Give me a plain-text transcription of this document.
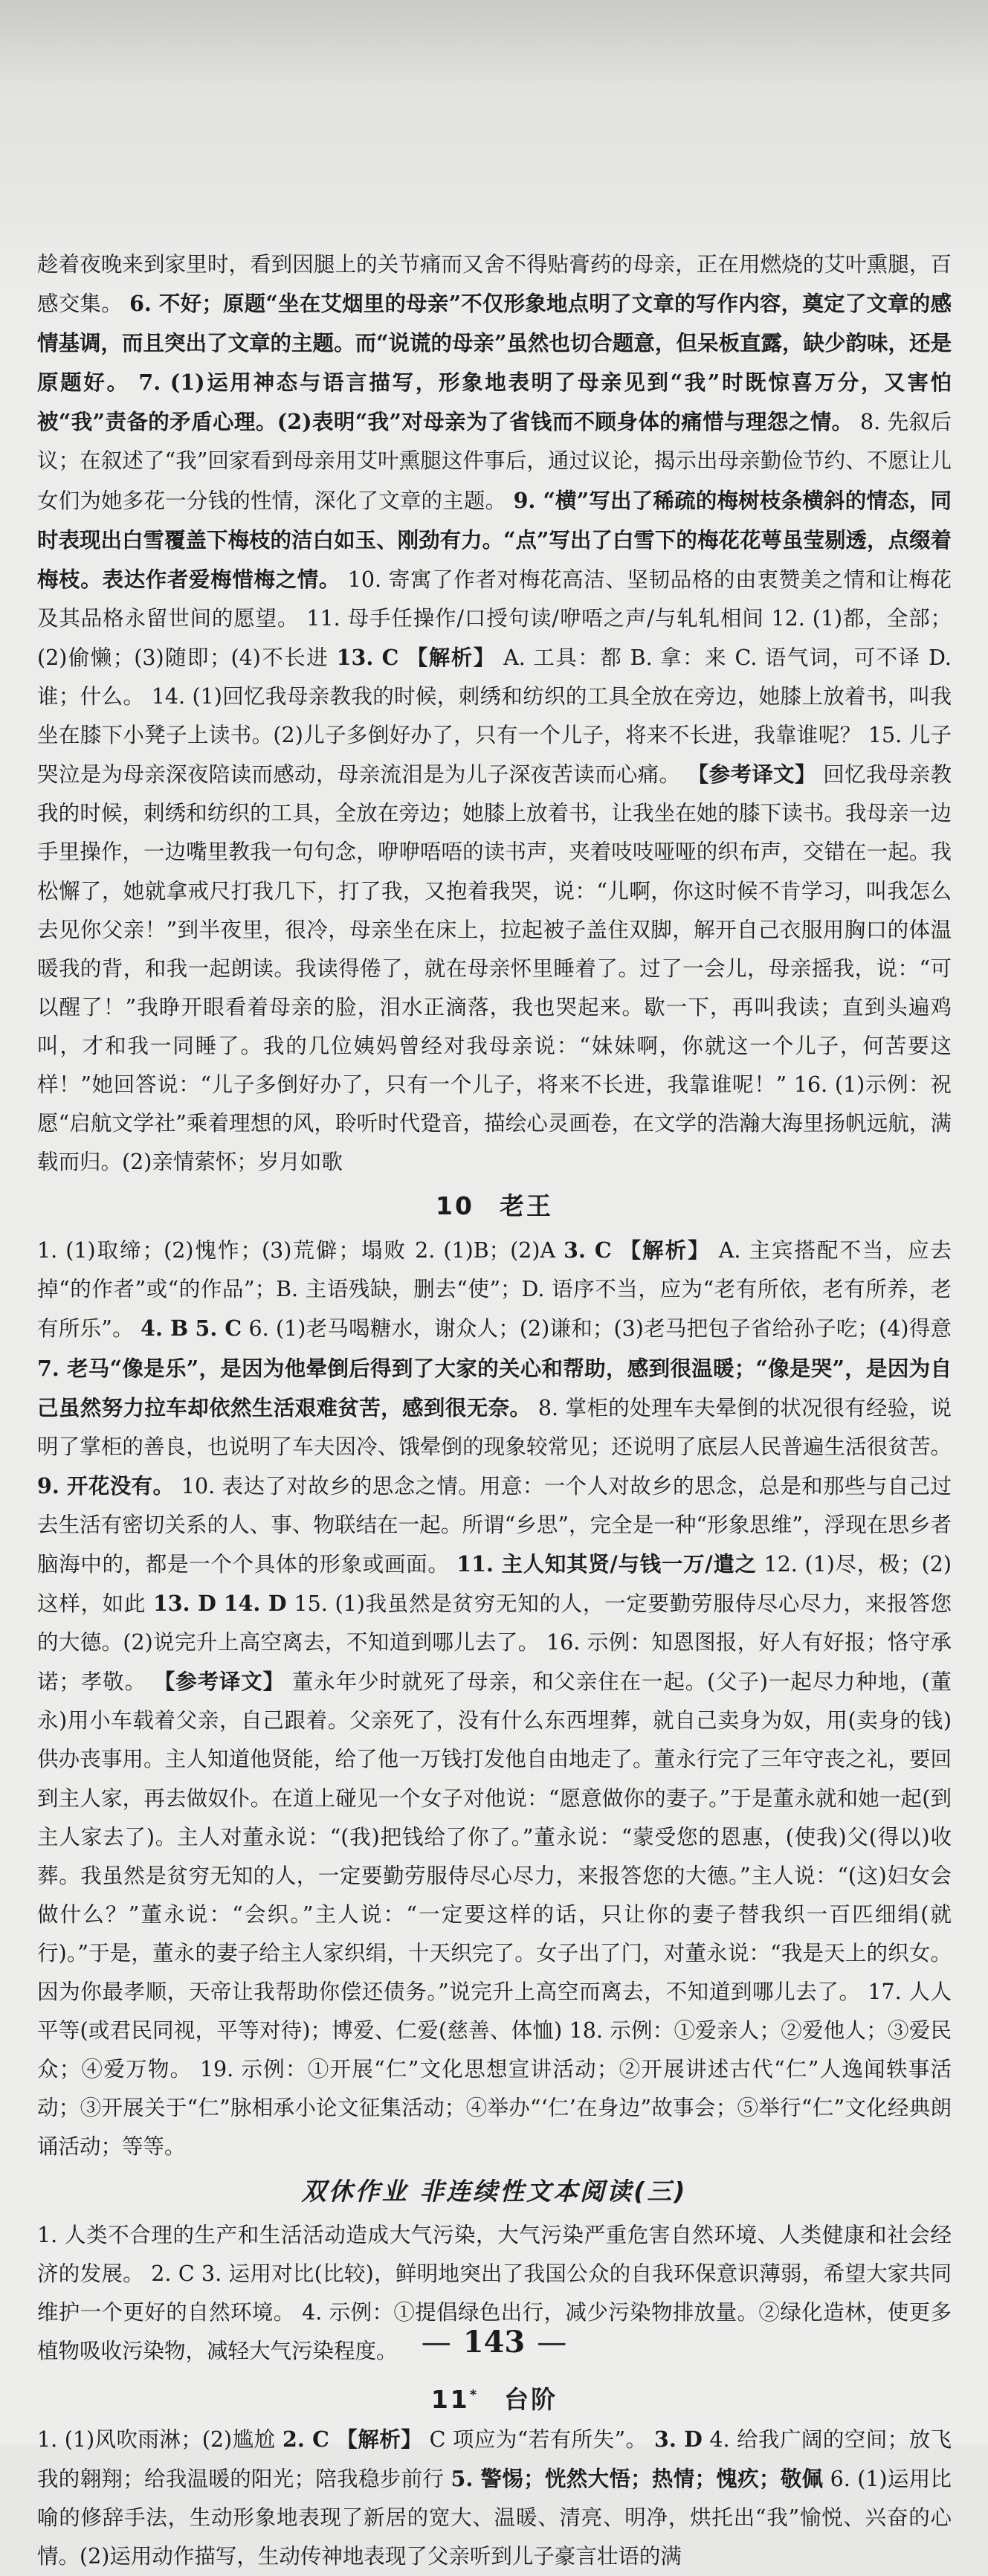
趁着夜晚来到家里时，看到因腿上的关节痛而又舍不得贴膏药的母亲，正在用燃烧的艾叶熏腿，百感交集。 6. 不好；原题“坐在艾烟里的母亲”不仅形象地点明了文章的写作内容，奠定了文章的感情基调，而且突出了文章的主题。而“说谎的母亲”虽然也切合题意，但呆板直露，缺少韵味，还是原题好。 7. (1)运用神态与语言描写，形象地表明了母亲见到“我”时既惊喜万分，又害怕被“我”责备的矛盾心理。(2)表明“我”对母亲为了省钱而不顾身体的痛惜与理怨之情。 8. 先叙后议；在叙述了“我”回家看到母亲用艾叶熏腿这件事后，通过议论，揭示出母亲勤俭节约、不愿让儿女们为她多花一分钱的性情，深化了文章的主题。 9. “横”写出了稀疏的梅树枝条横斜的情态，同时表现出白雪覆盖下梅枝的洁白如玉、刚劲有力。“点”写出了白雪下的梅花花萼虽莹剔透，点缀着梅枝。表达作者爱梅惜梅之情。 10. 寄寓了作者对梅花高洁、坚韧品格的由衷赞美之情和让梅花及其品格永留世间的愿望。 11. 母手任操作/口授句读/咿唔之声/与轧轧相间 12. (1)都，全部；(2)偷懒；(3)随即；(4)不长进 13. C 【解析】 A. 工具：都 B. 拿：来 C. 语气词，可不译 D. 谁；什么。 14. (1)回忆我母亲教我的时候，刺绣和纺织的工具全放在旁边，她膝上放着书，叫我坐在膝下小凳子上读书。(2)儿子多倒好办了，只有一个儿子，将来不长进，我靠谁呢？ 15. 儿子哭泣是为母亲深夜陪读而感动，母亲流泪是为儿子深夜苦读而心痛。 【参考译文】 回忆我母亲教我的时候，刺绣和纺织的工具，全放在旁边；她膝上放着书，让我坐在她的膝下读书。我母亲一边手里操作，一边嘴里教我一句句念，咿咿唔唔的读书声，夹着吱吱哑哑的织布声，交错在一起。我松懈了，她就拿戒尺打我几下，打了我，又抱着我哭，说：“儿啊，你这时候不肯学习，叫我怎么去见你父亲！”到半夜里，很冷，母亲坐在床上，拉起被子盖住双脚，解开自己衣服用胸口的体温暖我的背，和我一起朗读。我读得倦了，就在母亲怀里睡着了。过了一会儿，母亲摇我，说：“可以醒了！”我睁开眼看着母亲的脸，泪水正滴落，我也哭起来。歇一下，再叫我读；直到头遍鸡叫，才和我一同睡了。我的几位姨妈曾经对我母亲说：“妹妹啊，你就这一个儿子，何苦要这样！”她回答说：“儿子多倒好办了，只有一个儿子，将来不长进，我靠谁呢！” 16. (1)示例：祝愿“启航文学社”乘着理想的风，聆听时代跫音，描绘心灵画卷，在文学的浩瀚大海里扬帆远航，满载而归。(2)亲情萦怀；岁月如歌

10 老王

1. (1)取缔；(2)愧怍；(3)荒僻；塌败 2. (1)B；(2)A 3. C 【解析】 A. 主宾搭配不当，应去掉“的作者”或“的作品”；B. 主语残缺，删去“使”；D. 语序不当，应为“老有所依，老有所养，老有所乐”。 4. B 5. C 6. (1)老马喝糖水，谢众人；(2)谦和；(3)老马把包子省给孙子吃；(4)得意 7. 老马“像是乐”，是因为他晕倒后得到了大家的关心和帮助，感到很温暖；“像是哭”，是因为自己虽然努力拉车却依然生活艰难贫苦，感到很无奈。 8. 掌柜的处理车夫晕倒的状况很有经验，说明了掌柜的善良，也说明了车夫因冷、饿晕倒的现象较常见；还说明了底层人民普遍生活很贫苦。 9. 开花没有。 10. 表达了对故乡的思念之情。用意：一个人对故乡的思念，总是和那些与自己过去生活有密切关系的人、事、物联结在一起。所谓“乡思”，完全是一种“形象思维”，浮现在思乡者脑海中的，都是一个个具体的形象或画面。 11. 主人知其贤/与钱一万/遣之 12. (1)尽，极；(2)这样，如此 13. D 14. D 15. (1)我虽然是贫穷无知的人，一定要勤劳服侍尽心尽力，来报答您的大德。(2)说完升上高空离去，不知道到哪儿去了。 16. 示例：知恩图报，好人有好报；恪守承诺；孝敬。 【参考译文】 董永年少时就死了母亲，和父亲住在一起。(父子)一起尽力种地，(董永)用小车载着父亲，自己跟着。父亲死了，没有什么东西埋葬，就自己卖身为奴，用(卖身的钱)供办丧事用。主人知道他贤能，给了他一万钱打发他自由地走了。董永行完了三年守丧之礼，要回到主人家，再去做奴仆。在道上碰见一个女子对他说：“愿意做你的妻子。”于是董永就和她一起(到主人家去了)。主人对董永说：“(我)把钱给了你了。”董永说：“蒙受您的恩惠，(使我)父(得以)收葬。我虽然是贫穷无知的人，一定要勤劳服侍尽心尽力，来报答您的大德。”主人说：“(这)妇女会做什么？”董永说：“会织。”主人说：“一定要这样的话，只让你的妻子替我织一百匹细绢(就行)。”于是，董永的妻子给主人家织绢，十天织完了。女子出了门，对董永说：“我是天上的织女。因为你最孝顺，天帝让我帮助你偿还债务。”说完升上高空而离去，不知道到哪儿去了。 17. 人人平等(或君民同视，平等对待)；博爱、仁爱(慈善、体恤) 18. 示例：①爱亲人；②爱他人；③爱民众；④爱万物。 19. 示例：①开展“仁”文化思想宣讲活动；②开展讲述古代“仁”人逸闻轶事活动；③开展关于“仁”脉相承小论文征集活动；④举办“‘仁’在身边”故事会；⑤举行“仁”文化经典朗诵活动；等等。

双休作业 非连续性文本阅读(三)

1. 人类不合理的生产和生活活动造成大气污染，大气污染严重危害自然环境、人类健康和社会经济的发展。 2. C 3. 运用对比(比较)，鲜明地突出了我国公众的自我环保意识薄弱，希望大家共同维护一个更好的自然环境。 4. 示例：①提倡绿色出行，减少污染物排放量。②绿化造林，使更多植物吸收污染物，减轻大气污染程度。

11* 台阶

1. (1)风吹雨淋；(2)尴尬 2. C 【解析】 C 项应为“若有所失”。 3. D 4. 给我广阔的空间；放飞我的翱翔；给我温暖的阳光；陪我稳步前行 5. 警惕；恍然大悟；热情；愧疚；敬佩 6. (1)运用比喻的修辞手法，生动形象地表现了新居的宽大、温暖、清亮、明净，烘托出“我”愉悦、兴奋的心情。(2)运用动作描写，生动传神地表现了父亲听到儿子豪言壮语的满

— 143 —
